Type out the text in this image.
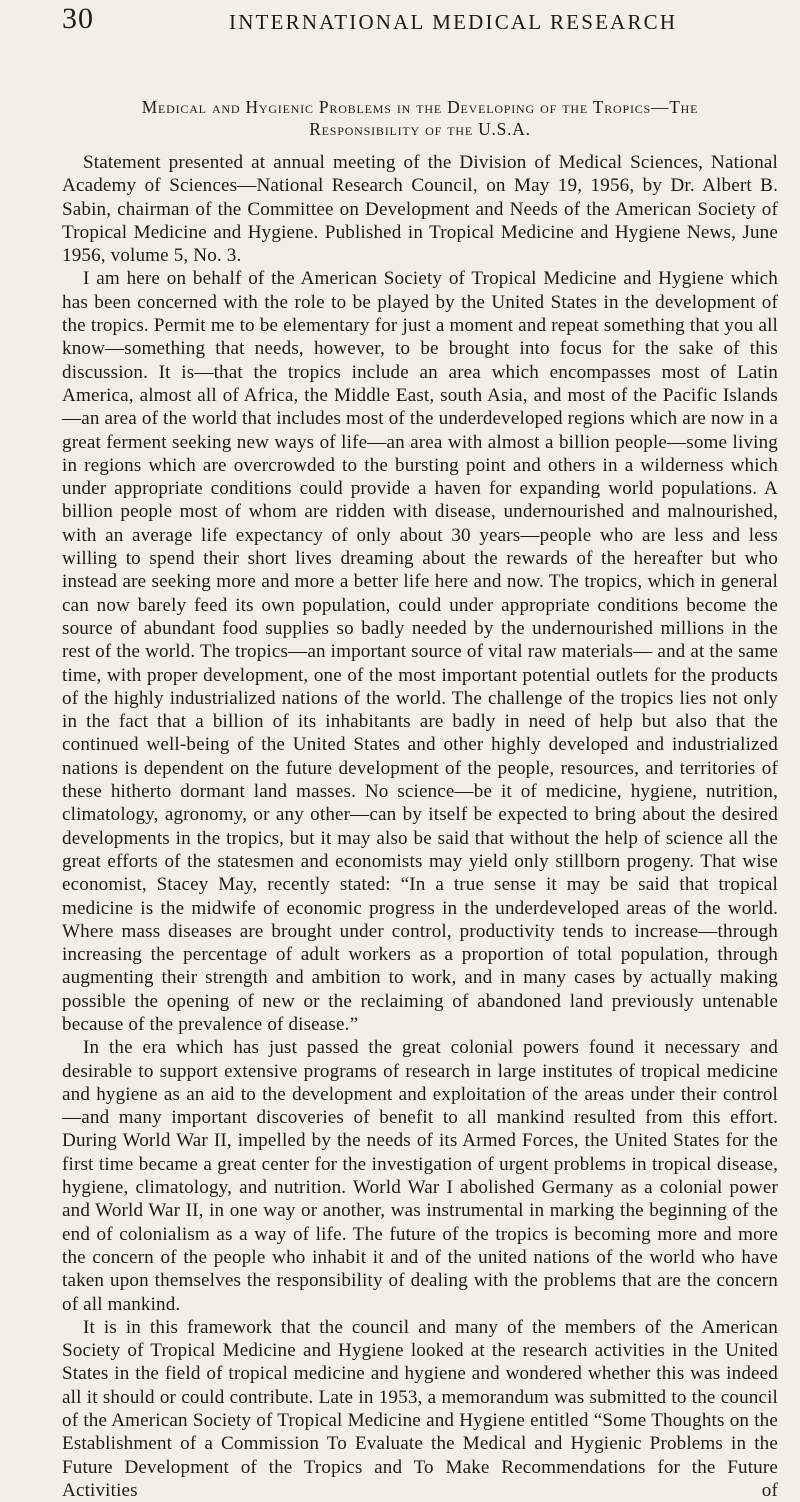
30	INTERNATIONAL MEDICAL RESEARCH
Medical and Hygienic Problems in the Developing of the Tropics—The
Responsibility of the U.S.A.

Statement presented at annual meeting of the Division of Medical Sciences, National Academy of Sciences—National Research Council, on May 19, 1956, by Dr. Albert B. Sabin, chairman of the Committee on Development and Needs of the American Society of Tropical Medicine and Hygiene. Published in Tropical Medicine and Hygiene News, June 1956, volume 5, No. 3.

I am here on behalf of the American Society of Tropical Medicine and Hygiene which has been concerned with the role to be played by the United States in the development of the tropics. Permit me to be elementary for just a moment and repeat something that you all know—something that needs, however, to be brought into focus for the sake of this discussion. It is—that the tropics include an area which encompasses most of Latin America, almost all of Africa, the Middle East, south Asia, and most of the Pacific Islands—an area of the world that includes most of the underdeveloped regions which are now in a great ferment seeking new ways of life—an area with almost a billion people—some living in regions which are overcrowded to the bursting point and others in a wilderness which under appropriate conditions could provide a haven for expanding world populations. A billion people most of whom are ridden with disease, undernourished and malnourished, with an average life expectancy of only about 30 years—people who are less and less willing to spend their short lives dreaming about the rewards of the hereafter but who instead are seeking more and more a better life here and now. The tropics, which in general can now barely feed its own population, could under appropriate conditions become the source of abundant food supplies so badly needed by the undernourished millions in the rest of the world. The tropics—an important source of vital raw materials— and at the same time, with proper development, one of the most important potential outlets for the products of the highly industrialized nations of the world. The challenge of the tropics lies not only in the fact that a billion of its inhabitants are badly in need of help but also that the continued well-being of the United States and other highly developed and industrialized nations is dependent on the future development of the people, resources, and territories of these hitherto dormant land masses. No science—be it of medicine, hygiene, nutrition, climatology, agronomy, or any other—can by itself be expected to bring about the desired developments in the tropics, but it may also be said that without the help of science all the great efforts of the statesmen and economists may yield only stillborn progeny. That wise economist, Stacey May, recently stated: “In a true sense it may be said that tropical medicine is the midwife of economic progress in the underdeveloped areas of the world. Where mass diseases are brought under control, productivity tends to increase—through increasing the percentage of adult workers as a proportion of total population, through augmenting their strength and ambition to work, and in many cases by actually making possible the opening of new or the reclaiming of abandoned land previously untenable because of the prevalence of disease.”

In the era which has just passed the great colonial powers found it necessary and desirable to support extensive programs of research in large institutes of tropical medicine and hygiene as an aid to the development and exploitation of the areas under their control—and many important discoveries of benefit to all mankind resulted from this effort. During World War II, impelled by the needs of its Armed Forces, the United States for the first time became a great center for the investigation of urgent problems in tropical disease, hygiene, climatology, and nutrition. World War I abolished Germany as a colonial power and World War II, in one way or another, was instrumental in marking the beginning of the end of colonialism as a way of life. The future of the tropics is becoming more and more the concern of the people who inhabit it and of the united nations of the world who have taken upon themselves the responsibility of dealing with the problems that are the concern of all mankind.

It is in this framework that the council and many of the members of the American Society of Tropical Medicine and Hygiene looked at the research activities in the United States in the field of tropical medicine and hygiene and wondered whether this was indeed all it should or could contribute. Late in 1953, a memorandum was submitted to the council of the American Society of Tropical Medicine and Hygiene entitled “Some Thoughts on the Establishment of a Commission To Evaluate the Medical and Hygienic Problems in the Future Development of the Tropics and To Make Recommendations for the Future Activities of
